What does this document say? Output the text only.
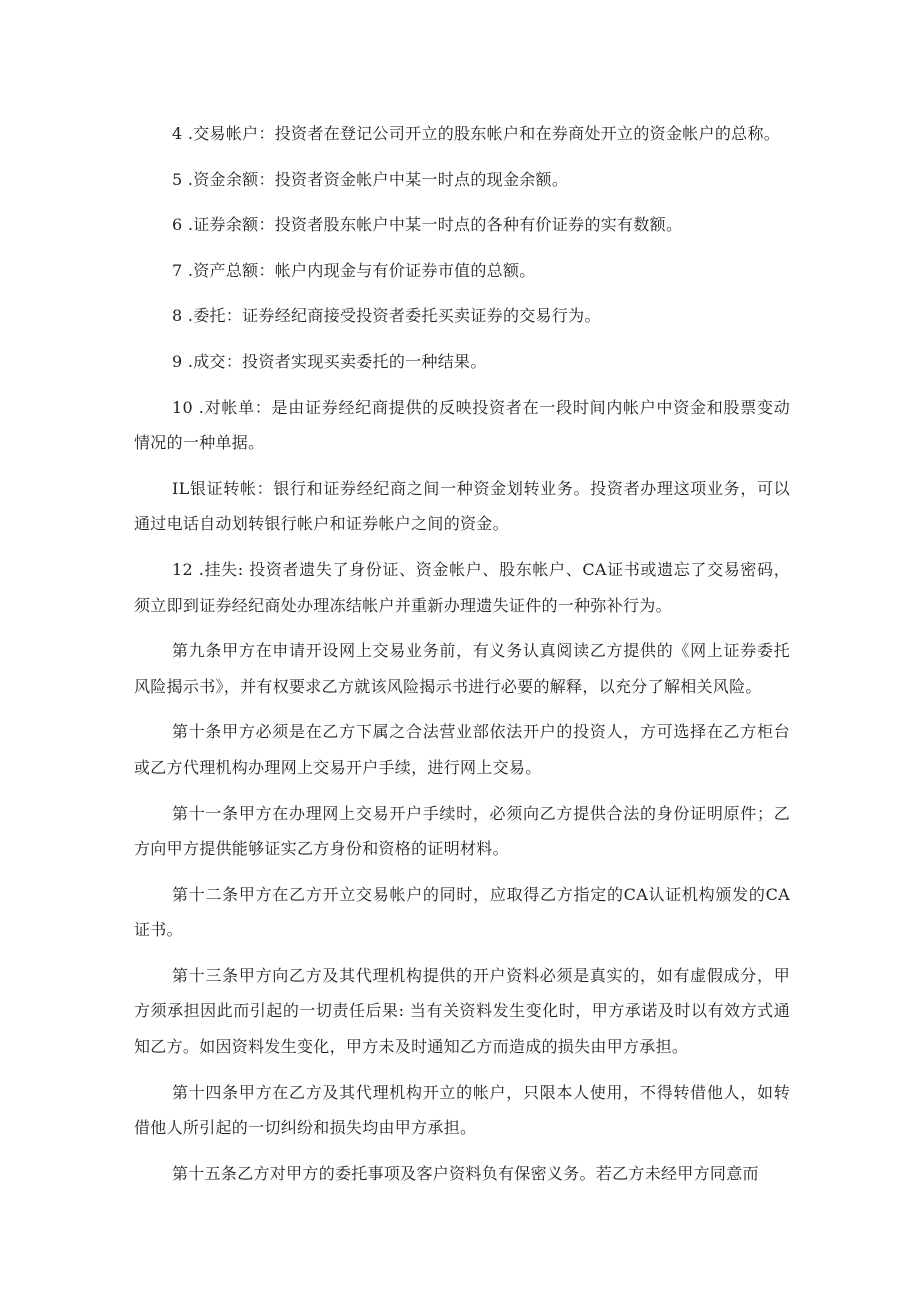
4 .交易帐户：投资者在登记公司开立的股东帐户和在券商处开立的资金帐户的总称。

5 .资金余额：投资者资金帐户中某一时点的现金余额。

6 .证券余额：投资者股东帐户中某一时点的各种有价证券的实有数额。

7 .资产总额：帐户内现金与有价证券市值的总额。

8 .委托：证券经纪商接受投资者委托买卖证券的交易行为。

9 .成交：投资者实现买卖委托的一种结果。

10 .对帐单：是由证券经纪商提供的反映投资者在一段时间内帐户中资金和股票变动情况的一种单据。

IL银证转帐：银行和证券经纪商之间一种资金划转业务。投资者办理这项业务，可以通过电话自动划转银行帐户和证券帐户之间的资金。

12 .挂失: 投资者遗失了身份证、资金帐户、股东帐户、CA证书或遗忘了交易密码，须立即到证券经纪商处办理冻结帐户并重新办理遗失证件的一种弥补行为。

第九条甲方在申请开设网上交易业务前，有义务认真阅读乙方提供的《网上证券委托风险揭示书》，并有权要求乙方就该风险揭示书进行必要的解释，以充分了解相关风险。

第十条甲方必须是在乙方下属之合法营业部依法开户的投资人，方可选择在乙方柜台或乙方代理机构办理网上交易开户手续，进行网上交易。

第十一条甲方在办理网上交易开户手续时，必须向乙方提供合法的身份证明原件；乙方向甲方提供能够证实乙方身份和资格的证明材料。

第十二条甲方在乙方开立交易帐户的同时，应取得乙方指定的CA认证机构颁发的CA证书。

第十三条甲方向乙方及其代理机构提供的开户资料必须是真实的，如有虚假成分，甲方须承担因此而引起的一切责任后果: 当有关资料发生变化时，甲方承诺及时以有效方式通知乙方。如因资料发生变化，甲方未及时通知乙方而造成的损失由甲方承担。

第十四条甲方在乙方及其代理机构开立的帐户，只限本人使用，不得转借他人，如转借他人所引起的一切纠纷和损失均由甲方承担。

第十五条乙方对甲方的委托事项及客户资料负有保密义务。若乙方未经甲方同意而
